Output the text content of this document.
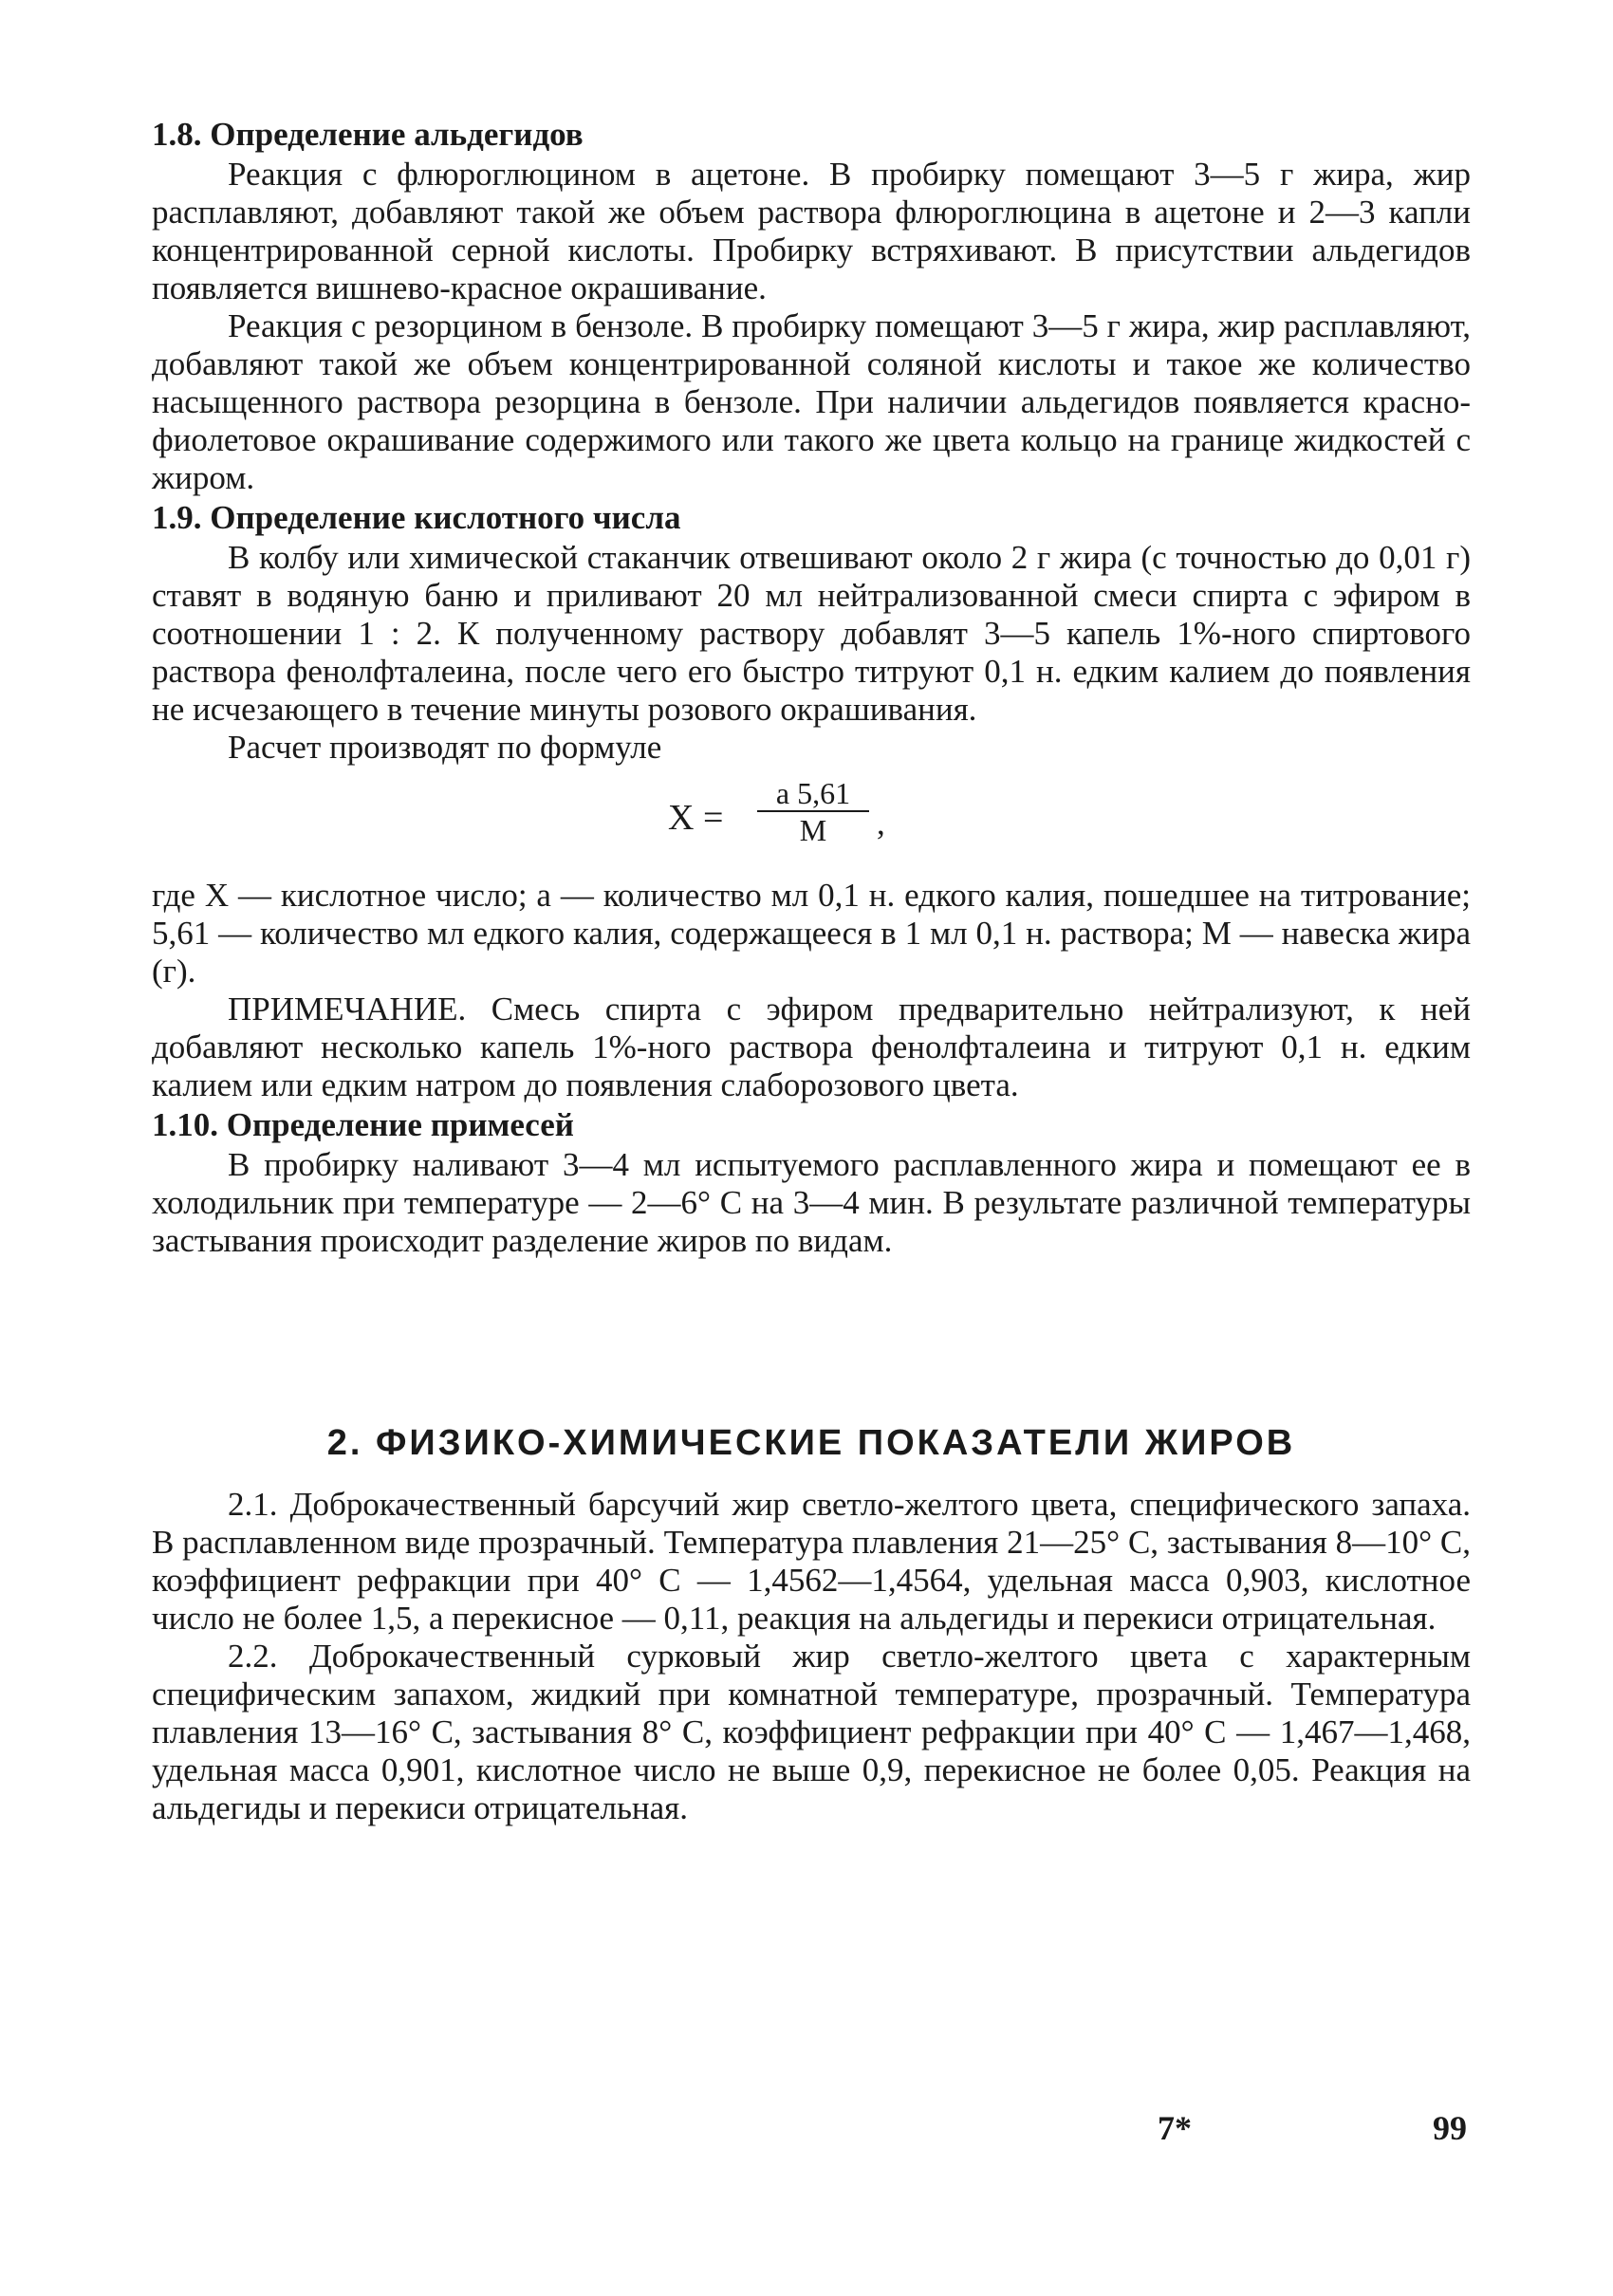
1.8. Определение альдегидов

Реакция с флюроглюцином в ацетоне. В пробирку помещают 3—5 г жира, жир расплавляют, добавляют такой же объем раствора флюроглюцина в ацетоне и 2—3 капли концентрированной серной кислоты. Пробирку встряхивают. В присутствии альдегидов появляется вишнево-красное окрашивание.

Реакция с резорцином в бензоле. В пробирку помещают 3—5 г жира, жир расплавляют, добавляют такой же объем концентрированной соляной кислоты и такое же количество насыщенного раствора резорцина в бензоле. При наличии альдегидов появляется красно-фиолетовое окрашивание содержимого или такого же цвета кольцо на границе жидкостей с жиром.

1.9. Определение кислотного числа

В колбу или химической стаканчик отвешивают около 2 г жира (с точностью до 0,01 г) ставят в водяную баню и приливают 20 мл нейтрализованной смеси спирта с эфиром в соотношении 1 : 2. К полученному раствору добавлят 3—5 капель 1%-ного спиртового раствора фенолфталеина, после чего его быстро титруют 0,1 н. едким калием до появления не исчезающего в течение минуты розового окрашивания.

Расчет производят по формуле

$X = \frac{a 5,61}{M}$ ,

где X — кислотное число; а — количество мл 0,1 н. едкого калия, пошедшее на титрование; 5,61 — количество мл едкого калия, содержащееся в 1 мл 0,1 н. раствора; M — навеска жира (г).

ПРИМЕЧАНИЕ. Смесь спирта с эфиром предварительно нейтрализуют, к ней добавляют несколько капель 1%-ного раствора фенолфталеина и титруют 0,1 н. едким калием или едким натром до появления слаборозового цвета.

1.10. Определение примесей

В пробирку наливают 3—4 мл испытуемого расплавленного жира и помещают ее в холодильник при температуре — 2—6° С на 3—4 мин. В результате различной температуры застывания происходит разделение жиров по видам.

2. ФИЗИКО-ХИМИЧЕСКИЕ ПОКАЗАТЕЛИ ЖИРОВ

2.1. Доброкачественный барсучий жир светло-желтого цвета, специфического запаха. В расплавленном виде прозрачный. Температура плавления 21—25° С, застывания 8—10° С, коэффициент рефракции при 40° С — 1,4562—1,4564, удельная масса 0,903, кислотное число не более 1,5, а перекисное — 0,11, реакция на альдегиды и перекиси отрицательная.

2.2. Доброкачественный сурковый жир светло-желтого цвета с характерным специфическим запахом, жидкий при комнатной температуре, прозрачный. Температура плавления 13—16° С, застывания 8° С, коэффициент рефракции при 40° С — 1,467—1,468, удельная масса 0,901, кислотное число не выше 0,9, перекисное не более 0,05. Реакция на альдегиды и перекиси отрицательная.

7*	99
